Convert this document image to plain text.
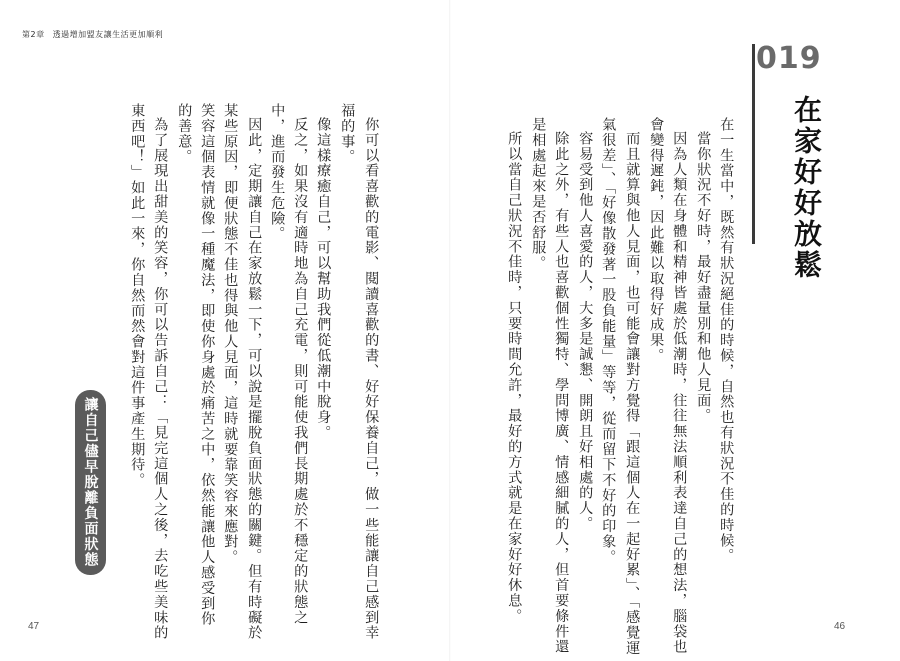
第2章 透過增加盟友讓生活更加順利
你可以看喜歡的電影、閱讀喜歡的書、好好保養自己，做一些能讓自己感到幸
福的事。
像這樣療癒自己，可以幫助我們從低潮中脫身。
反之，如果沒有適時地為自己充電，則可能使我們長期處於不穩定的狀態之
中，進而發生危險。
因此，定期讓自己在家放鬆一下，可以說是擺脫負面狀態的關鍵。但有時礙於
某些原因，即便狀態不佳也得與他人見面，這時就要靠笑容來應對。
笑容這個表情就像一種魔法，即使你身處於痛苦之中，依然能讓他人感受到你
的善意。
為了展現出甜美的笑容，你可以告訴自己：「見完這個人之後，去吃些美味的
東西吧！」如此一來，你自然而然會對這件事產生期待。
讓自己儘早脫離負面狀態
47
019
在家好好放鬆
在一生當中，既然有狀況絕佳的時候，自然也有狀況不佳的時候。
當你狀況不好時，最好盡量別和他人見面。
因為人類在身體和精神皆處於低潮時，往往無法順利表達自己的想法，腦袋也
會變得遲鈍，因此難以取得好成果。
而且就算與他人見面，也可能會讓對方覺得「跟這個人在一起好累」、「感覺運
氣很差」、「好像散發著一股負能量」等等，從而留下不好的印象。
容易受到他人喜愛的人，大多是誠懇、開朗且好相處的人。
除此之外，有些人也喜歡個性獨特、學問博廣、情感細膩的人，但首要條件還
是相處起來是否舒服。
所以當自己狀況不佳時，只要時間允許，最好的方式就是在家好好休息。
46
